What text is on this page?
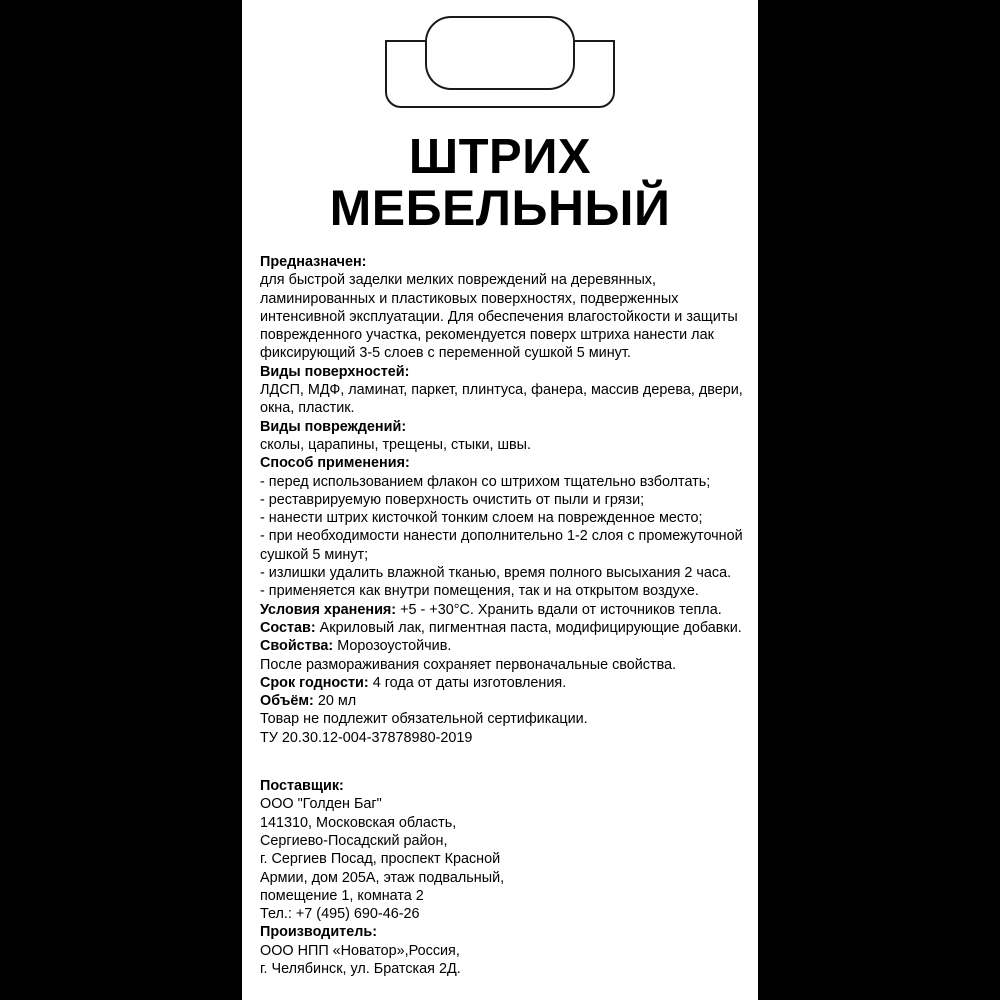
ШТРИХ
МЕБЕЛЬНЫЙ

Предназначен:

для быстрой заделки мелких повреждений на деревянных, ламинированных и пластиковых поверхностях, подверженных интенсивной эксплуатации. Для обеспечения влагостойкости и защиты поврежденного участка, рекомендуется поверх штриха нанести лак фиксирующий 3-5 слоев с переменной сушкой 5 минут.

Виды поверхностей:

ЛДСП, МДФ, ламинат, паркет, плинтуса, фанера, массив дерева, двери, окна, пластик.

Виды повреждений:

сколы, царапины, трещены, стыки, швы.

Способ применения:

- перед использованием флакон со штрихом тщательно взболтать;

- реставрируемую поверхность очистить от пыли и грязи;

- нанести штрих кисточкой тонким слоем на поврежденное место;

- при необходимости нанести дополнительно 1-2 слоя с промежуточной сушкой 5 минут;

- излишки удалить влажной тканью, время полного высыхания 2 часа.

- применяется как внутри помещения, так и на открытом воздухе.

Условия хранения: +5 - +30°С. Хранить вдали от источников тепла.

Состав: Акриловый лак, пигментная паста, модифицирующие добавки.

Свойства: Морозоустойчив.

После размораживания сохраняет первоначальные свойства.

Срок годности: 4 года от даты изготовления.

Объём: 20 мл

Товар не подлежит обязательной сертификации.

ТУ 20.30.12-004-37878980-2019

Поставщик:

ООО "Голден Баг"

141310, Московская область,

Сергиево-Посадский район,

г. Сергиев Посад, проспект Красной

Армии, дом 205А, этаж подвальный,

помещение 1, комната 2

Тел.: +7 (495) 690-46-26

Производитель:

ООО НПП «Новатор»,Россия,

г. Челябинск, ул. Братская 2Д.
